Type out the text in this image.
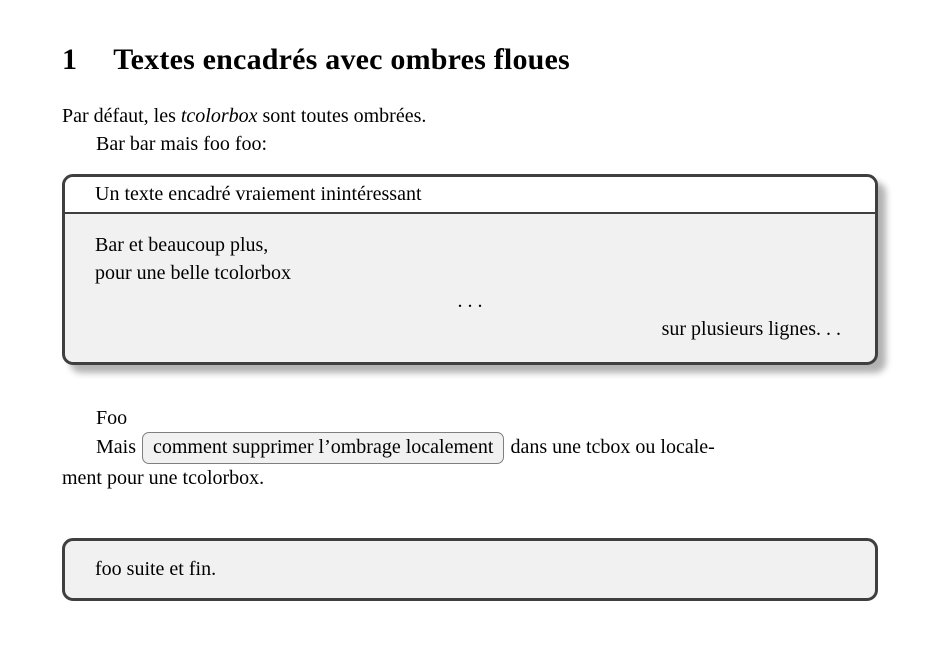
1 Textes encadrés avec ombres floues

Par défaut, les tcolorbox sont toutes ombrées.

Bar bar mais foo foo:

Un texte encadré vraiement inintéressant
Bar et beaucoup plus,
pour une belle tcolorbox
. . .
sur plusieurs lignes. . .

Foo

Mais comment supprimer l’ombrage localement dans une tcbox ou locale-

ment pour une tcolorbox.

foo suite et fin.
